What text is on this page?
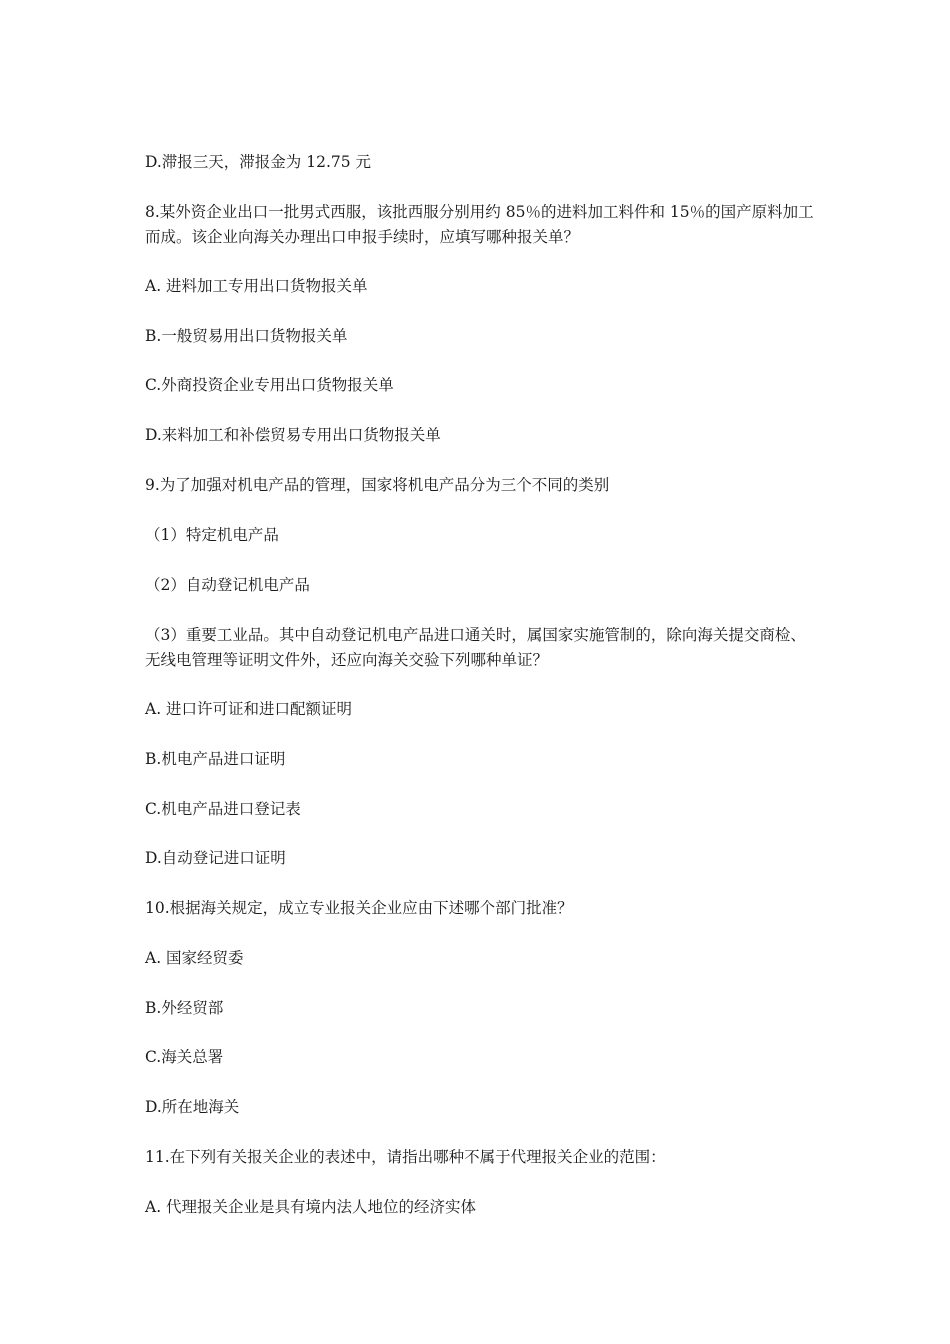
D.滞报三天，滞报金为 12.75 元

8.某外资企业出口一批男式西服，该批西服分别用约 85％的进料加工料件和 15％的国产原料加工而成。该企业向海关办理出口申报手续时，应填写哪种报关单？

A. 进料加工专用出口货物报关单

B.一般贸易用出口货物报关单

C.外商投资企业专用出口货物报关单

D.来料加工和补偿贸易专用出口货物报关单

9.为了加强对机电产品的管理，国家将机电产品分为三个不同的类别

（1）特定机电产品

（2）自动登记机电产品

（3）重要工业品。其中自动登记机电产品进口通关时，属国家实施管制的，除向海关提交商检、无线电管理等证明文件外，还应向海关交验下列哪种单证？

A. 进口许可证和进口配额证明

B.机电产品进口证明

C.机电产品进口登记表

D.自动登记进口证明

10.根据海关规定，成立专业报关企业应由下述哪个部门批准？

A. 国家经贸委

B.外经贸部

C.海关总署

D.所在地海关

11.在下列有关报关企业的表述中，请指出哪种不属于代理报关企业的范围：

A. 代理报关企业是具有境内法人地位的经济实体
